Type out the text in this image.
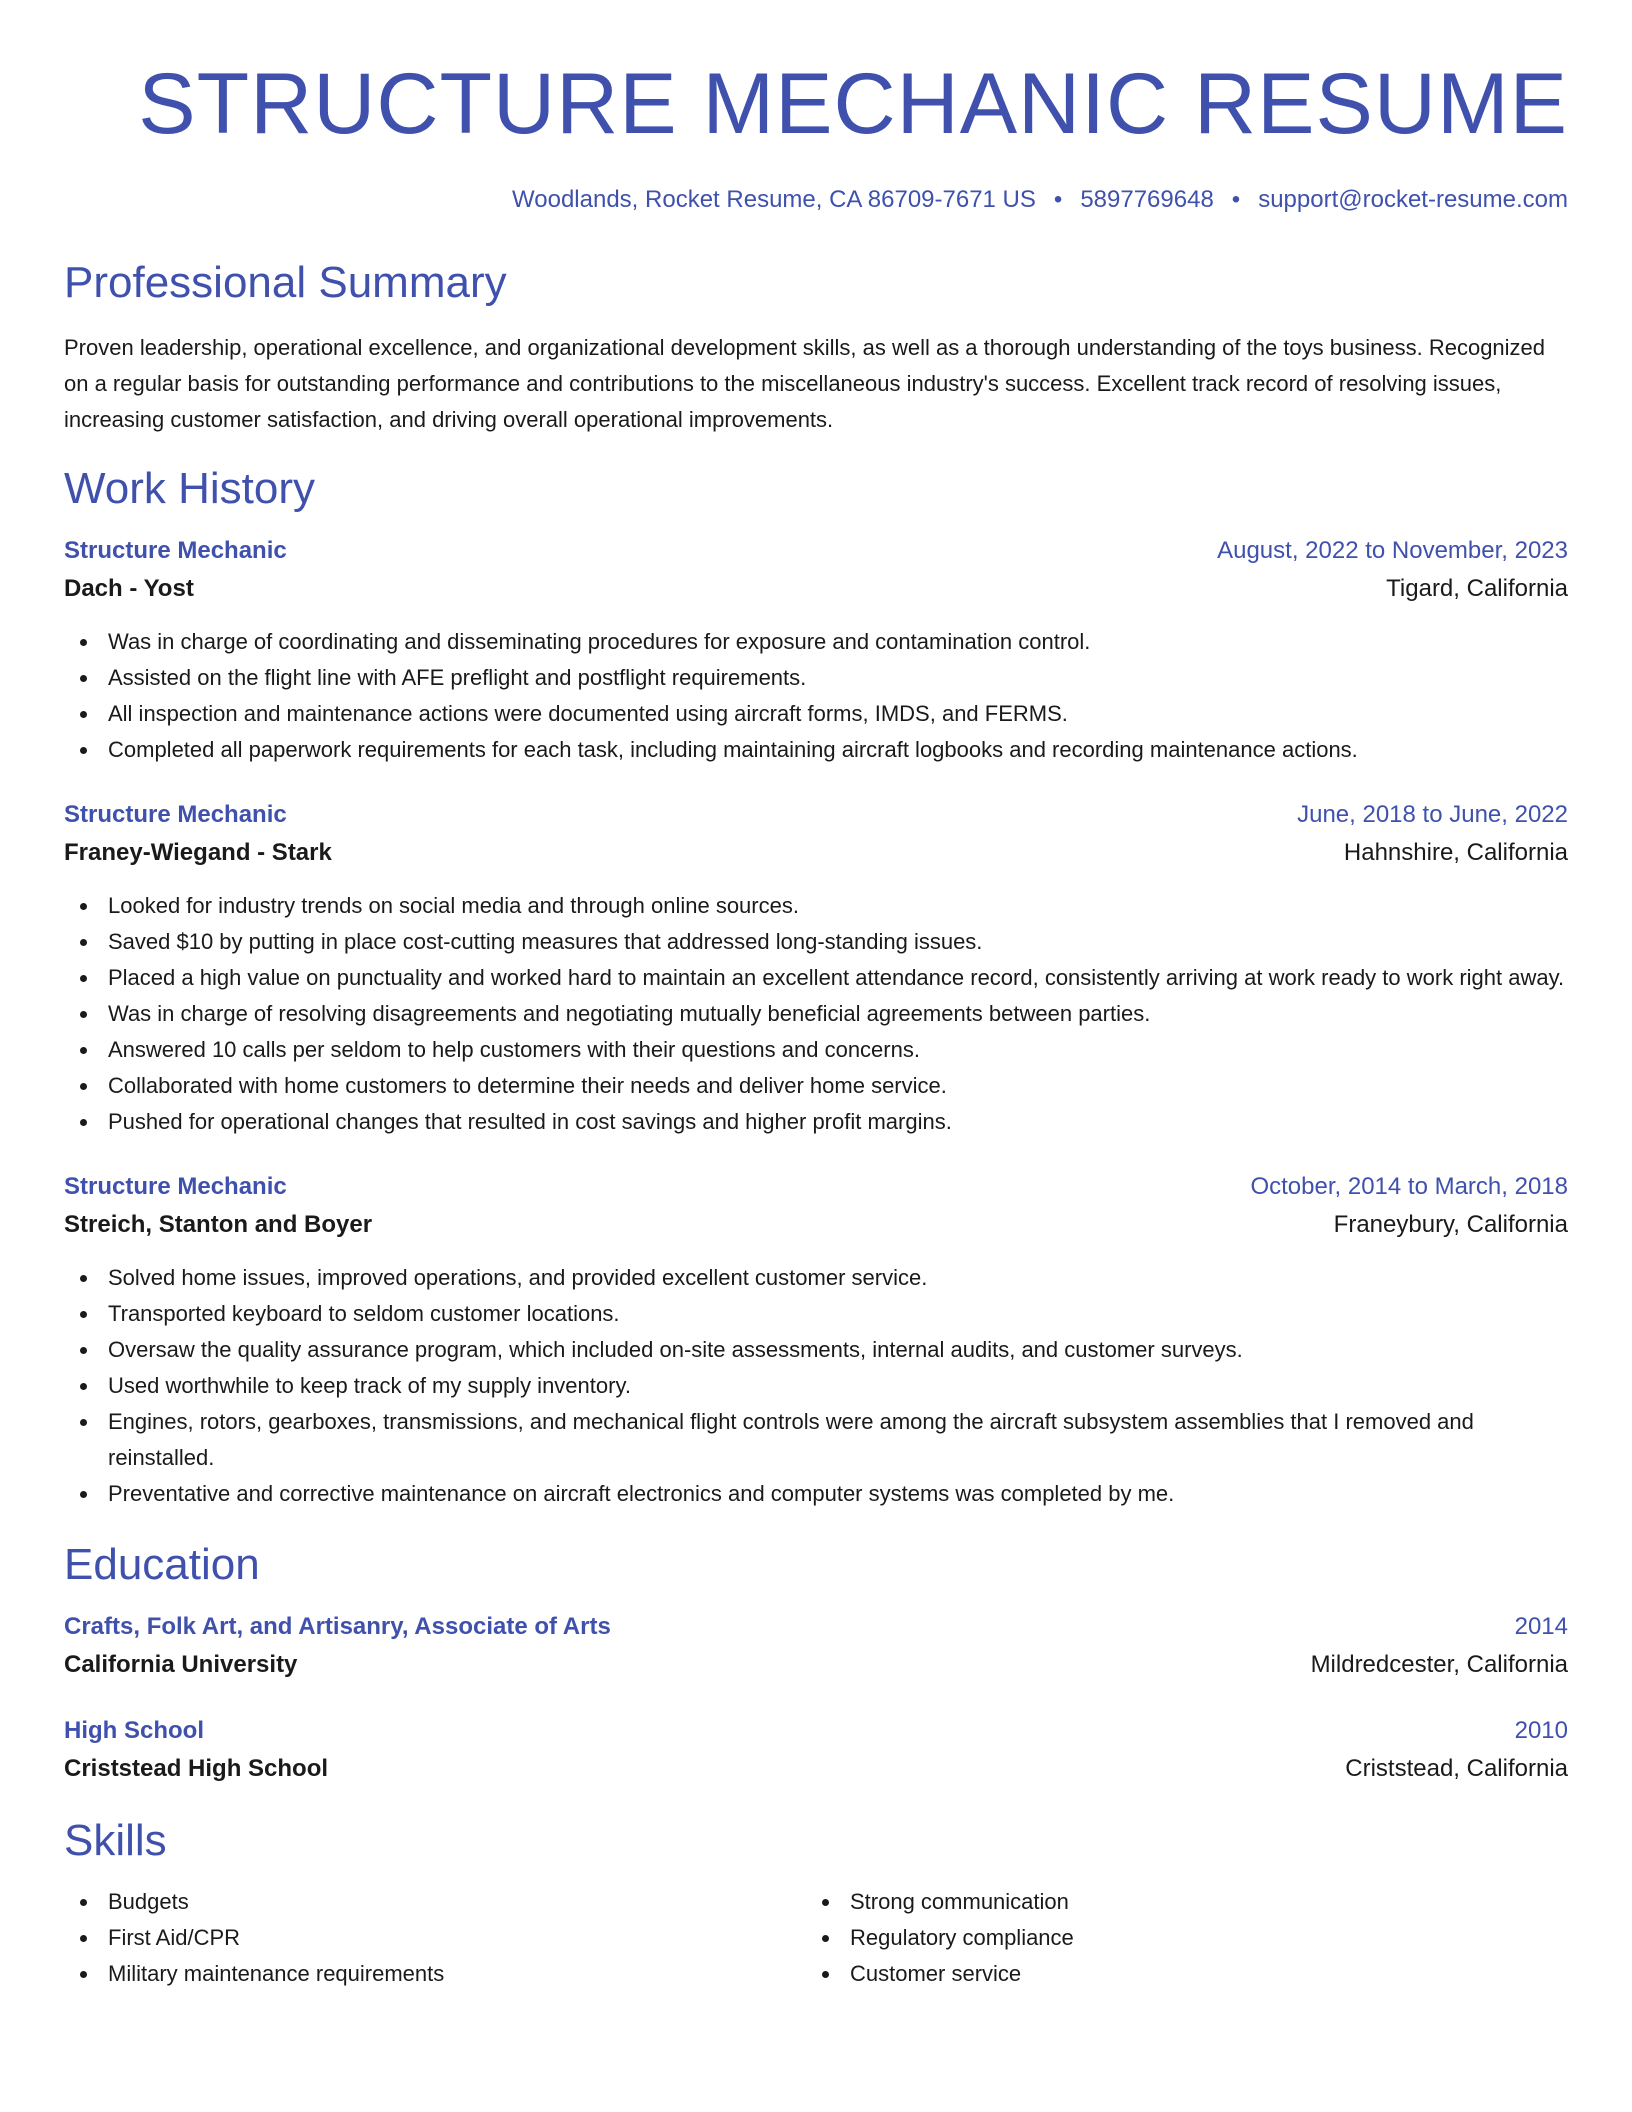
STRUCTURE MECHANIC RESUME
Woodlands, Rocket Resume, CA 86709-7671 US • 5897769648 • support@rocket-resume.com
Professional Summary

Proven leadership, operational excellence, and organizational development skills, as well as a thorough understanding of the toys business. Recognized on a regular basis for outstanding performance and contributions to the miscellaneous industry's success. Excellent track record of resolving issues, increasing customer satisfaction, and driving overall operational improvements.

Work History
Structure Mechanic	August, 2022 to November, 2023
Dach - Yost	Tigard, California
Was in charge of coordinating and disseminating procedures for exposure and contamination control.
Assisted on the flight line with AFE preflight and postflight requirements.
All inspection and maintenance actions were documented using aircraft forms, IMDS, and FERMS.
Completed all paperwork requirements for each task, including maintaining aircraft logbooks and recording maintenance actions.
Structure Mechanic	June, 2018 to June, 2022
Franey-Wiegand - Stark	Hahnshire, California
Looked for industry trends on social media and through online sources.
Saved $10 by putting in place cost-cutting measures that addressed long-standing issues.
Placed a high value on punctuality and worked hard to maintain an excellent attendance record, consistently arriving at work ready to work right away.
Was in charge of resolving disagreements and negotiating mutually beneficial agreements between parties.
Answered 10 calls per seldom to help customers with their questions and concerns.
Collaborated with home customers to determine their needs and deliver home service.
Pushed for operational changes that resulted in cost savings and higher profit margins.
Structure Mechanic	October, 2014 to March, 2018
Streich, Stanton and Boyer	Franeybury, California
Solved home issues, improved operations, and provided excellent customer service.
Transported keyboard to seldom customer locations.
Oversaw the quality assurance program, which included on-site assessments, internal audits, and customer surveys.
Used worthwhile to keep track of my supply inventory.
Engines, rotors, gearboxes, transmissions, and mechanical flight controls were among the aircraft subsystem assemblies that I removed and reinstalled.
Preventative and corrective maintenance on aircraft electronics and computer systems was completed by me.
Education
Crafts, Folk Art, and Artisanry, Associate of Arts	2014
California University	Mildredcester, California
High School	2010
Criststead High School	Criststead, California
Skills
Budgets
First Aid/CPR
Military maintenance requirements
Strong communication
Regulatory compliance
Customer service
